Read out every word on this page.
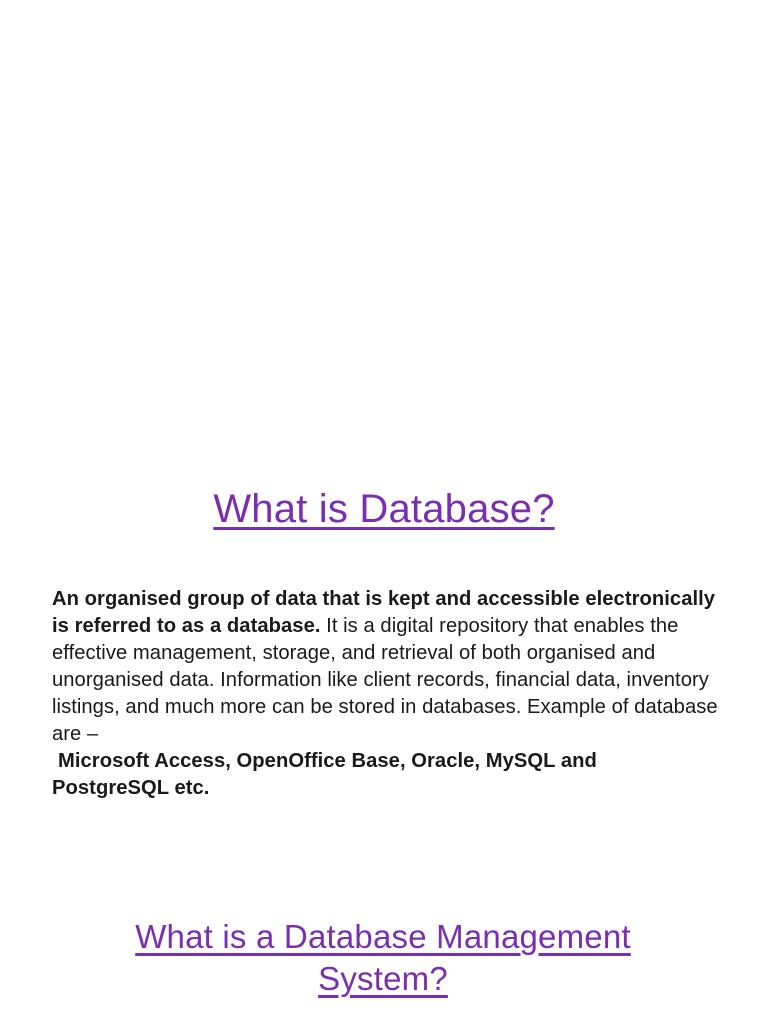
What is Database?

An organised group of data that is kept and accessible electronically is referred to as a database. It is a digital repository that enables the effective management, storage, and retrieval of both organised and unorganised data. Information like client records, financial data, inventory listings, and much more can be stored in databases. Example of database are –
Microsoft Access, OpenOffice Base, Oracle, MySQL and
PostgreSQL etc.

What is a Database Management System?
